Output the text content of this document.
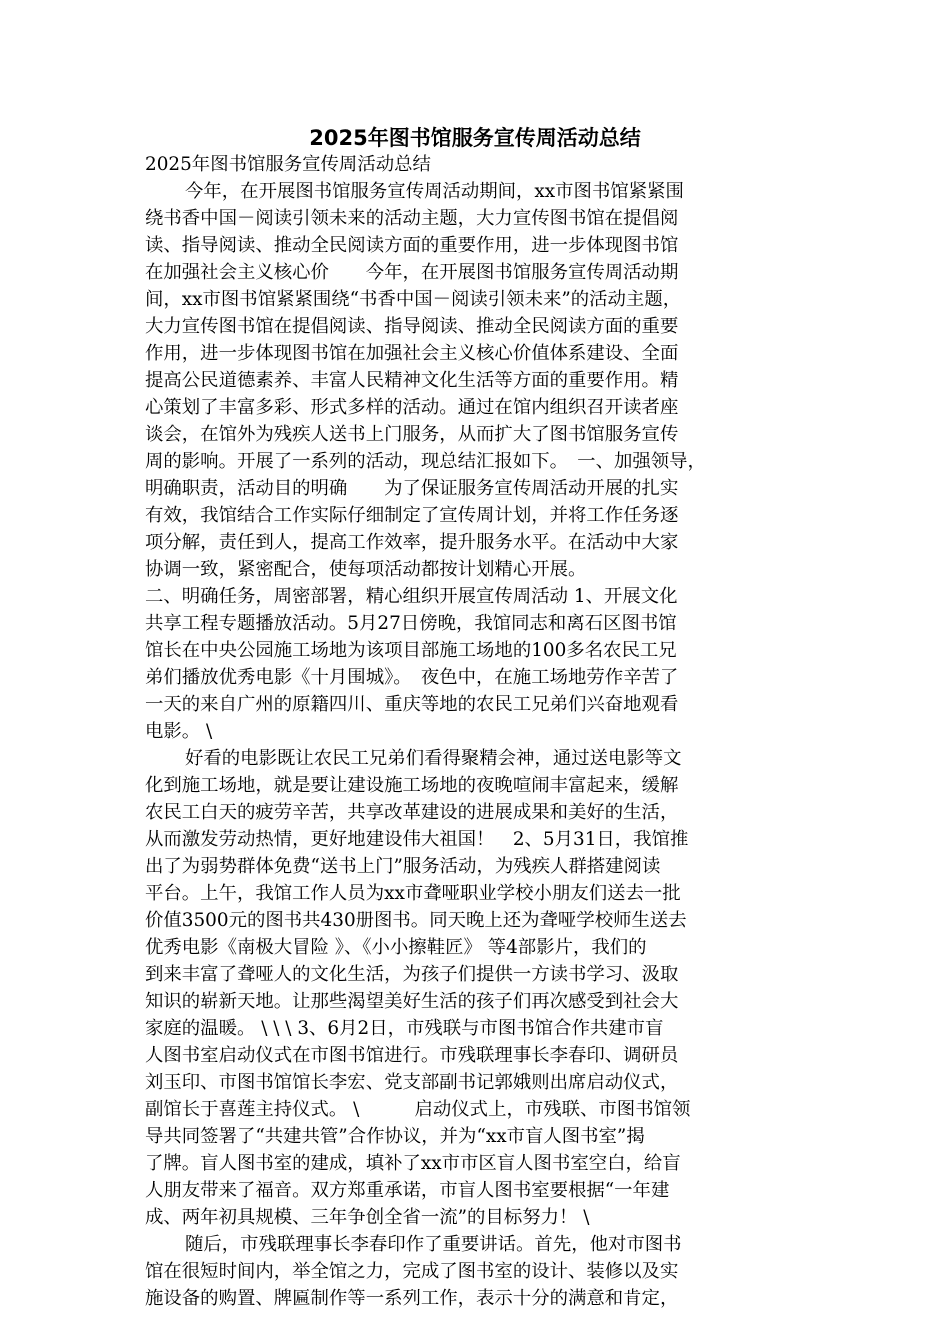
2025年图书馆服务宣传周活动总结
2025年图书馆服务宣传周活动总结
今年，在开展图书馆服务宣传周活动期间，xx市图书馆紧紧围
绕书香中国－阅读引领未来的活动主题，大力宣传图书馆在提倡阅
读、指导阅读、推动全民阅读方面的重要作用，进一步体现图书馆
在加强社会主义核心价　　今年，在开展图书馆服务宣传周活动期
间，xx市图书馆紧紧围绕“书香中国－阅读引领未来”的活动主题，
大力宣传图书馆在提倡阅读、指导阅读、推动全民阅读方面的重要
作用，进一步体现图书馆在加强社会主义核心价值体系建设、全面
提高公民道德素养、丰富人民精神文化生活等方面的重要作用。精
心策划了丰富多彩、形式多样的活动。通过在馆内组织召开读者座
谈会，在馆外为残疾人送书上门服务，从而扩大了图书馆服务宣传
周的影响。开展了一系列的活动，现总结汇报如下。　一、加强领导，
明确职责，活动目的明确　　为了保证服务宣传周活动开展的扎实
有效，我馆结合工作实际仔细制定了宣传周计划，并将工作任务逐
项分解，责任到人，提高工作效率，提升服务水平。在活动中大家
协调一致，紧密配合，使每项活动都按计划精心开展。
二、明确任务，周密部署，精心组织开展宣传周活动 1、开展文化
共享工程专题播放活动。5月27日傍晚，我馆同志和离石区图书馆
馆长在中央公园施工场地为该项目部施工场地的100多名农民工兄
弟们播放优秀电影《十月围城》。　夜色中，在施工场地劳作辛苦了
一天的来自广州的原籍四川、重庆等地的农民工兄弟们兴奋地观看
电影。 \
好看的电影既让农民工兄弟们看得聚精会神，通过送电影等文
化到施工场地，就是要让建设施工场地的夜晚喧闹丰富起来，缓解
农民工白天的疲劳辛苦，共享改革建设的进展成果和美好的生活，
从而激发劳动热情，更好地建设伟大祖国！　2、5月31日，我馆推
出了为弱势群体免费“送书上门”服务活动，为残疾人群搭建阅读
平台。上午，我馆工作人员为xx市聋哑职业学校小朋友们送去一批
价值3500元的图书共430册图书。同天晚上还为聋哑学校师生送去
优秀电影《南极大冒险 》、《小小擦鞋匠》 等4部影片，我们的
到来丰富了聋哑人的文化生活，为孩子们提供一方读书学习、汲取
知识的崭新天地。让那些渴望美好生活的孩子们再次感受到社会大
家庭的温暖。 \ \ \ 3、6月2日，市残联与市图书馆合作共建市盲
人图书室启动仪式在市图书馆进行。市残联理事长李春印、调研员
刘玉印、市图书馆馆长李宏、党支部副书记郭娥则出席启动仪式，
副馆长于喜莲主持仪式。 \　　　启动仪式上，市残联、市图书馆领
导共同签署了“共建共管”合作协议，并为“xx市盲人图书室”揭
了牌。盲人图书室的建成，填补了xx市市区盲人图书室空白，给盲
人朋友带来了福音。双方郑重承诺，市盲人图书室要根据“一年建
成、两年初具规模、三年争创全省一流”的目标努力！ \
随后，市残联理事长李春印作了重要讲话。首先，他对市图书
馆在很短时间内，举全馆之力，完成了图书室的设计、装修以及实
施设备的购置、牌匾制作等一系列工作，表示十分的满意和肯定，
